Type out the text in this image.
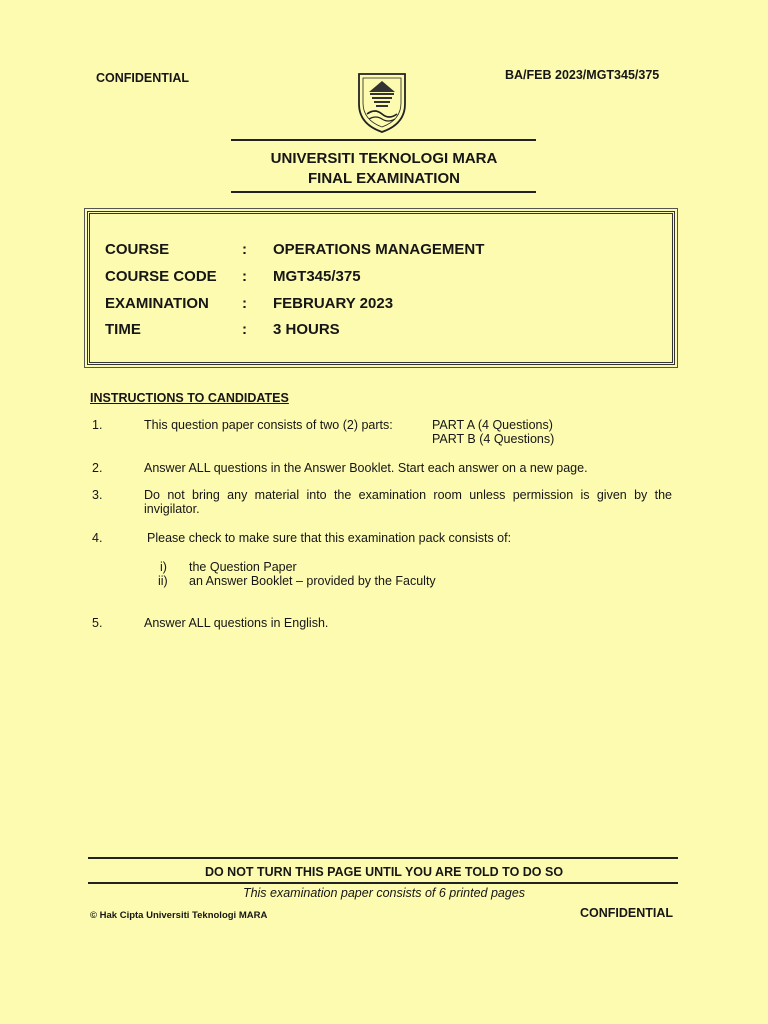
CONFIDENTIAL	BA/FEB 2023/MGT345/375
UNIVERSITI TEKNOLOGI MARA
FINAL EXAMINATION
COURSE	: OPERATIONS MANAGEMENT
COURSE CODE : MGT345/375
EXAMINATION : FEBRUARY 2023
TIME	: 3 HOURS
INSTRUCTIONS TO CANDIDATES
1.	This question paper consists of two (2) parts:	PART A (4 Questions)
PART B (4 Questions)
2.	Answer ALL questions in the Answer Booklet. Start each answer on a new page.
3.	Do not bring any material into the examination room unless permission is given by the invigilator.
4.	Please check to make sure that this examination pack consists of:
i) the Question Paper
ii) an Answer Booklet – provided by the Faculty
5.	Answer ALL questions in English.
DO NOT TURN THIS PAGE UNTIL YOU ARE TOLD TO DO SO
This examination paper consists of 6 printed pages
© Hak Cipta Universiti Teknologi MARA	CONFIDENTIAL
